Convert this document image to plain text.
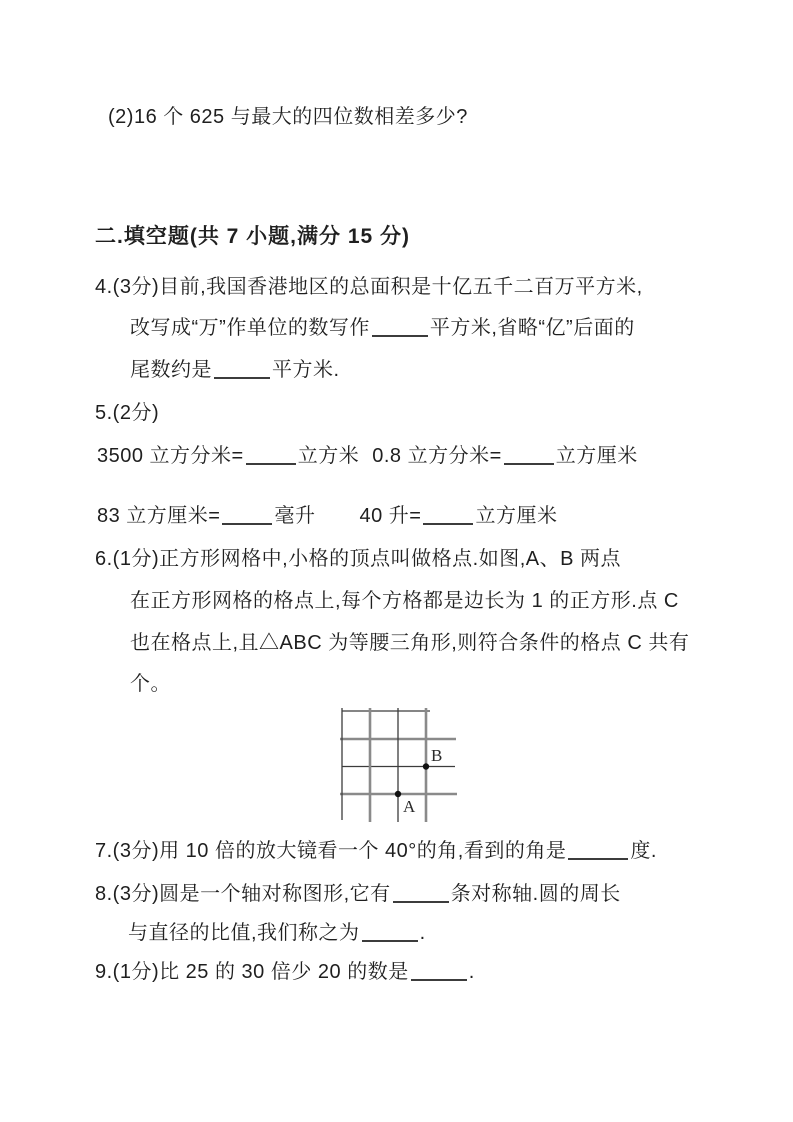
(2)16 个 625 与最大的四位数相差多少?
二.填空题(共 7 小题,满分 15 分)
4.(3分)目前,我国香港地区的总面积是十亿五千二百万平方米,
改写成“万”作单位的数写作	平方米,省略“亿”后面的
尾数约是	平方米.
5.(2分)
3500 立方分米=	立方米 0.8 立方分米=	立方厘米
83 立方厘米=	毫升 40 升=	立方厘米
6.(1分)正方形网格中,小格的顶点叫做格点.如图,A、B 两点
在正方形网格的格点上,每个方格都是边长为 1 的正方形.点 C
也在格点上,且△ABC 为等腰三角形,则符合条件的格点 C 共有
个。
B
A
7.(3分)用 10 倍的放大镜看一个 40°的角,看到的角是	度.
8.(3分)圆是一个轴对称图形,它有	条对称轴.圆的周长
与直径的比值,我们称之为	.
9.(1分)比 25 的 30 倍少 20 的数是	.
